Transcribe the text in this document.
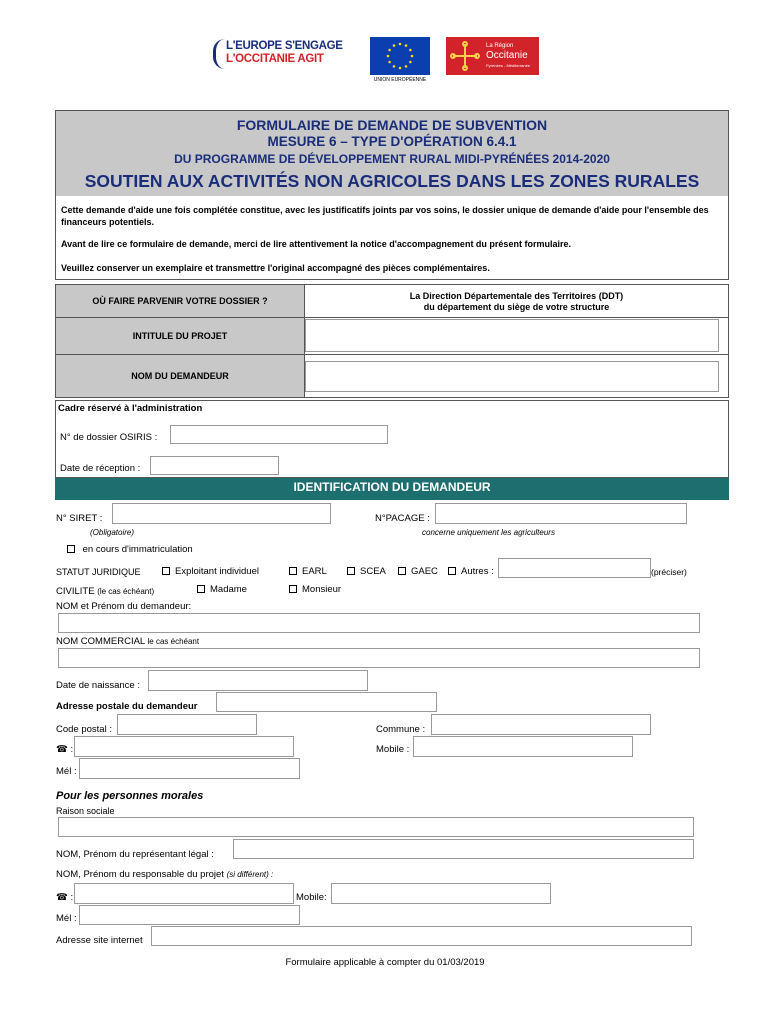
L'EUROPE S'ENGAGE
L'OCCITANIE AGIT
UNION EUROPÉENNE
La Région
Occitanie
Pyrénées - Méditerranée
FORMULAIRE DE DEMANDE DE SUBVENTION
MESURE 6 – TYPE D'OPÉRATION 6.4.1
DU PROGRAMME DE DÉVELOPPEMENT RURAL MIDI-PYRÉNÉES 2014-2020
SOUTIEN AUX ACTIVITÉS NON AGRICOLES DANS LES ZONES RURALES
Cette demande d'aide une fois complétée constitue, avec les justificatifs joints par vos soins, le dossier unique de demande d'aide pour l'ensemble des financeurs potentiels.
Avant de lire ce formulaire de demande, merci de lire attentivement la notice d'accompagnement du présent formulaire.
Veuillez conserver un exemplaire et transmettre l'original accompagné des pièces complémentaires.
OÙ FAIRE PARVENIR VOTRE DOSSIER ?	La Direction Départementale des Territoires (DDT)
du département du siège de votre structure
INTITULE DU PROJET
NOM DU DEMANDEUR
Cadre réservé à l'administration
N° de dossier OSIRIS :
Date de réception :
IDENTIFICATION DU DEMANDEUR
N° SIRET :
(Obligatoire)
N°PACAGE :
concerne uniquement les agriculteurs
en cours d'immatriculation
STATUT JURIDIQUE	Exploitant individuel	EARL	SCEA	GAEC	Autres :	(préciser)
CIVILITE (le cas échéant)	Madame	Monsieur
NOM et Prénom du demandeur:
NOM COMMERCIAL le cas échéant
Date de naissance :
Adresse postale du demandeur
Code postal :	Commune :
☎ :	Mobile :
Mél :
Pour les personnes morales
Raison sociale
NOM, Prénom du représentant légal :
NOM, Prénom du responsable du projet (si différent) :
☎ :	Mobile:
Mél :
Adresse site internet
Formulaire applicable à compter du 01/03/2019
